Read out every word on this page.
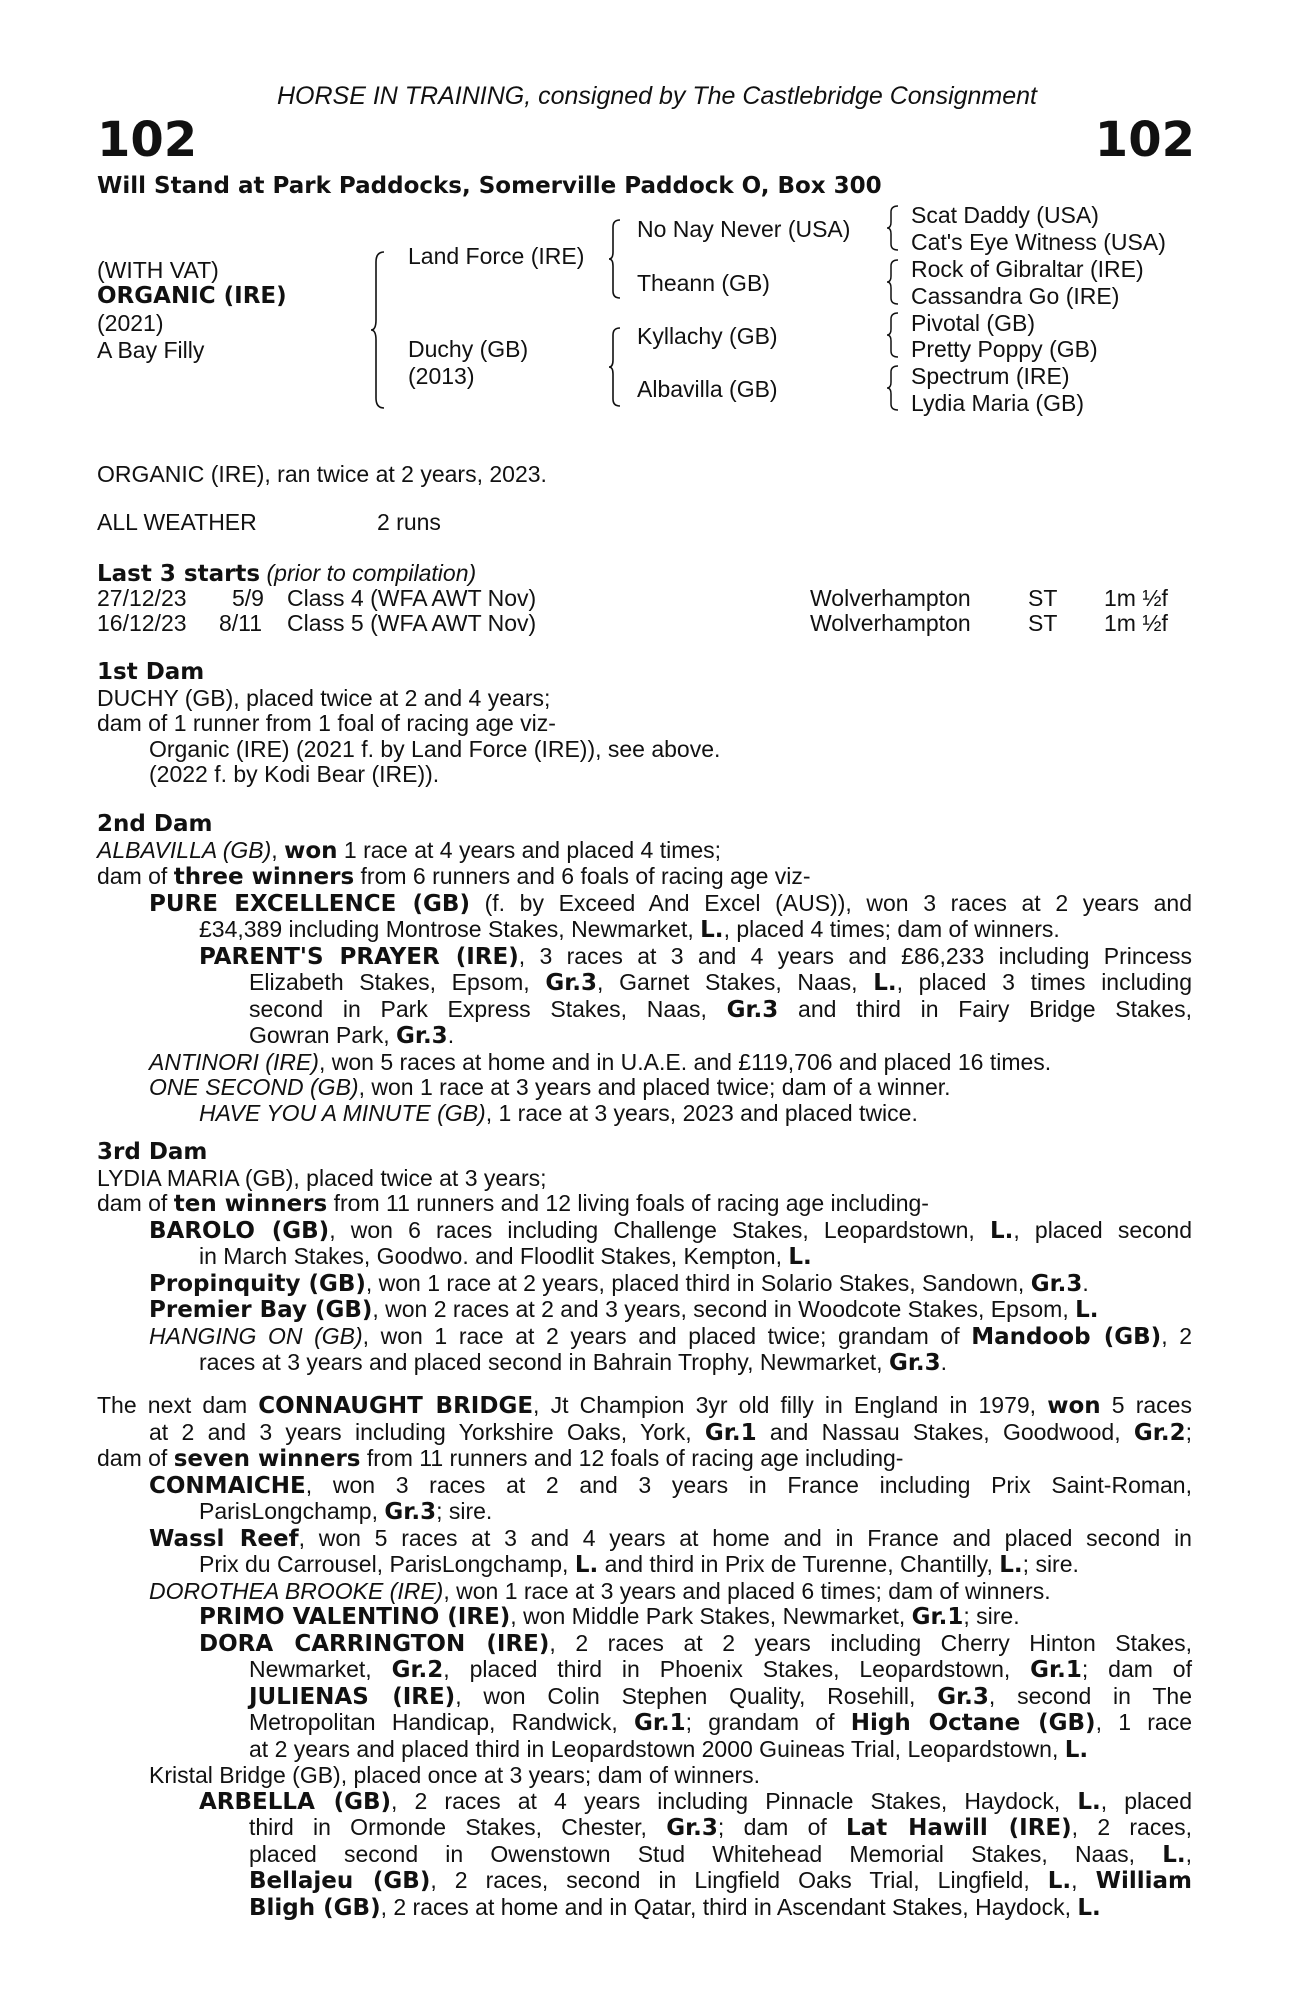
HORSE IN TRAINING, consigned by The Castlebridge Consignment
102	102
Will Stand at Park Paddocks, Somerville Paddock O, Box 300
(WITH VAT)
ORGANIC (IRE)
(2021)
A Bay Filly
Land Force (IRE)
Duchy (GB)
(2013)
No Nay Never (USA)
Theann (GB)
Kyllachy (GB)
Albavilla (GB)
Scat Daddy (USA)
Cat's Eye Witness (USA)
Rock of Gibraltar (IRE)
Cassandra Go (IRE)
Pivotal (GB)
Pretty Poppy (GB)
Spectrum (IRE)
Lydia Maria (GB)
ORGANIC (IRE), ran twice at 2 years, 2023.
ALL WEATHER	2 runs
Last 3 starts (prior to compilation)
27/12/23 5/9 Class 4 (WFA AWT Nov)	Wolverhampton ST 1m ½f
16/12/23 8/11 Class 5 (WFA AWT Nov)	Wolverhampton ST 1m ½f
1st Dam
DUCHY (GB), placed twice at 2 and 4 years;
dam of 1 runner from 1 foal of racing age viz-
Organic (IRE) (2021 f. by Land Force (IRE)), see above.
(2022 f. by Kodi Bear (IRE)).
2nd Dam
ALBAVILLA (GB), won 1 race at 4 years and placed 4 times;
dam of three winners from 6 runners and 6 foals of racing age viz-
PURE EXCELLENCE (GB) (f. by Exceed And Excel (AUS)), won 3 races at 2 years and
£34,389 including Montrose Stakes, Newmarket, L., placed 4 times; dam of winners.
PARENT'S PRAYER (IRE), 3 races at 3 and 4 years and £86,233 including Princess
Elizabeth Stakes, Epsom, Gr.3, Garnet Stakes, Naas, L., placed 3 times including
second in Park Express Stakes, Naas, Gr.3 and third in Fairy Bridge Stakes,
Gowran Park, Gr.3.
ANTINORI (IRE), won 5 races at home and in U.A.E. and £119,706 and placed 16 times.
ONE SECOND (GB), won 1 race at 3 years and placed twice; dam of a winner.
HAVE YOU A MINUTE (GB), 1 race at 3 years, 2023 and placed twice.
3rd Dam
LYDIA MARIA (GB), placed twice at 3 years;
dam of ten winners from 11 runners and 12 living foals of racing age including-
BAROLO (GB), won 6 races including Challenge Stakes, Leopardstown, L., placed second
in March Stakes, Goodwo. and Floodlit Stakes, Kempton, L.
Propinquity (GB), won 1 race at 2 years, placed third in Solario Stakes, Sandown, Gr.3.
Premier Bay (GB), won 2 races at 2 and 3 years, second in Woodcote Stakes, Epsom, L.
HANGING ON (GB), won 1 race at 2 years and placed twice; grandam of Mandoob (GB), 2
races at 3 years and placed second in Bahrain Trophy, Newmarket, Gr.3.
The next dam CONNAUGHT BRIDGE, Jt Champion 3yr old filly in England in 1979, won 5 races
at 2 and 3 years including Yorkshire Oaks, York, Gr.1 and Nassau Stakes, Goodwood, Gr.2;
dam of seven winners from 11 runners and 12 foals of racing age including-
CONMAICHE, won 3 races at 2 and 3 years in France including Prix Saint-Roman,
ParisLongchamp, Gr.3; sire.
Wassl Reef, won 5 races at 3 and 4 years at home and in France and placed second in
Prix du Carrousel, ParisLongchamp, L. and third in Prix de Turenne, Chantilly, L.; sire.
DOROTHEA BROOKE (IRE), won 1 race at 3 years and placed 6 times; dam of winners.
PRIMO VALENTINO (IRE), won Middle Park Stakes, Newmarket, Gr.1; sire.
DORA CARRINGTON (IRE), 2 races at 2 years including Cherry Hinton Stakes,
Newmarket, Gr.2, placed third in Phoenix Stakes, Leopardstown, Gr.1; dam of
JULIENAS (IRE), won Colin Stephen Quality, Rosehill, Gr.3, second in The
Metropolitan Handicap, Randwick, Gr.1; grandam of High Octane (GB), 1 race
at 2 years and placed third in Leopardstown 2000 Guineas Trial, Leopardstown, L.
Kristal Bridge (GB), placed once at 3 years; dam of winners.
ARBELLA (GB), 2 races at 4 years including Pinnacle Stakes, Haydock, L., placed
third in Ormonde Stakes, Chester, Gr.3; dam of Lat Hawill (IRE), 2 races,
placed second in Owenstown Stud Whitehead Memorial Stakes, Naas, L.,
Bellajeu (GB), 2 races, second in Lingfield Oaks Trial, Lingfield, L., William
Bligh (GB), 2 races at home and in Qatar, third in Ascendant Stakes, Haydock, L.
